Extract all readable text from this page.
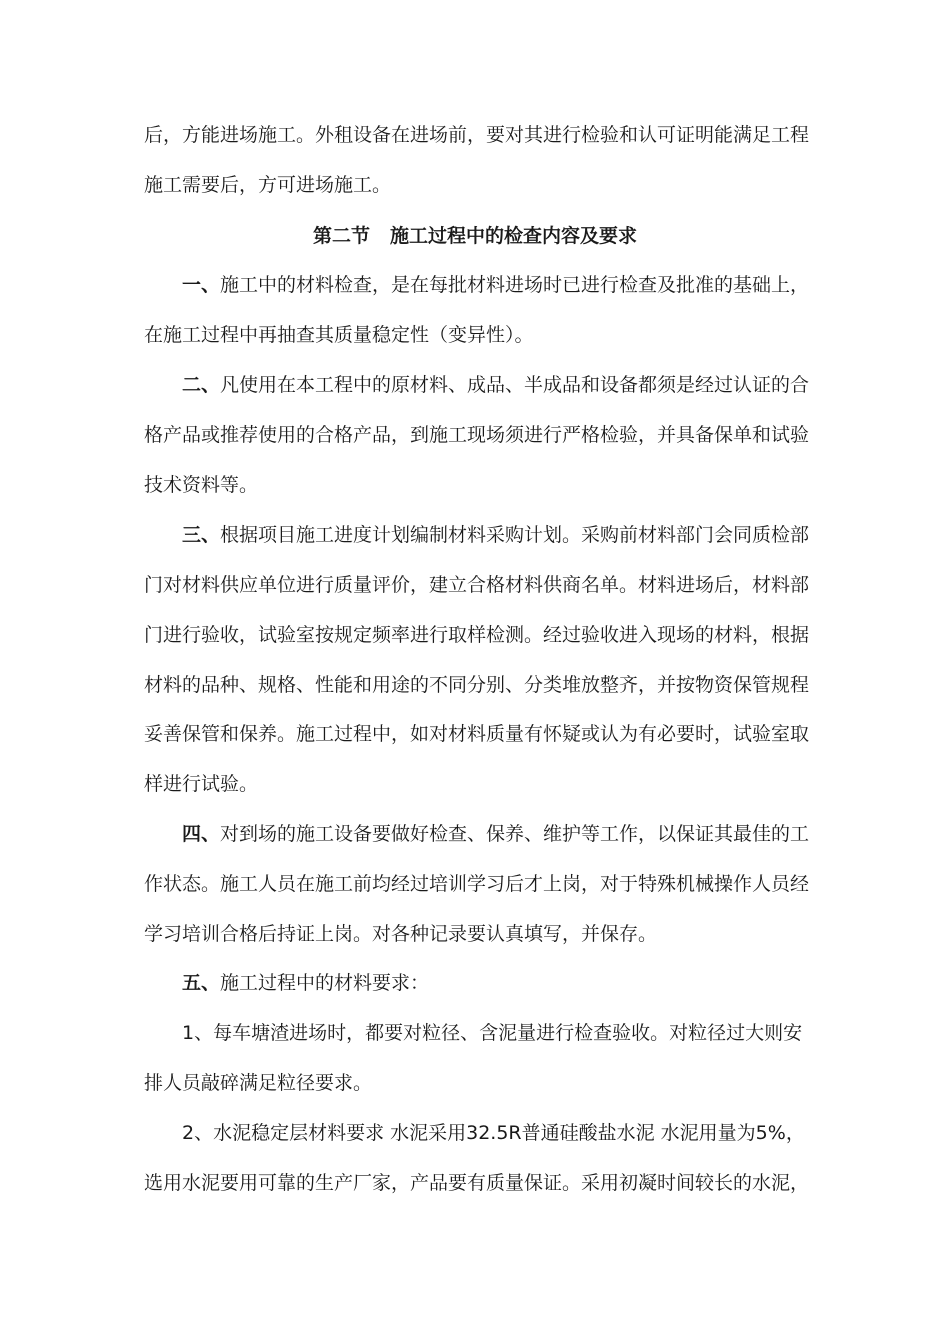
后，方能进场施工。外租设备在进场前，要对其进行检验和认可证明能满足工程
施工需要后，方可进场施工。
第二节 施工过程中的检查内容及要求
一、施工中的材料检查，是在每批材料进场时已进行检查及批准的基础上，
在施工过程中再抽查其质量稳定性（变异性）。
二、凡使用在本工程中的原材料、成品、半成品和设备都须是经过认证的合
格产品或推荐使用的合格产品，到施工现场须进行严格检验，并具备保单和试验
技术资料等。
三、根据项目施工进度计划编制材料采购计划。采购前材料部门会同质检部
门对材料供应单位进行质量评价，建立合格材料供商名单。材料进场后，材料部
门进行验收，试验室按规定频率进行取样检测。经过验收进入现场的材料，根据
材料的品种、规格、性能和用途的不同分别、分类堆放整齐，并按物资保管规程
妥善保管和保养。施工过程中，如对材料质量有怀疑或认为有必要时，试验室取
样进行试验。
四、对到场的施工设备要做好检查、保养、维护等工作，以保证其最佳的工
作状态。施工人员在施工前均经过培训学习后才上岗，对于特殊机械操作人员经
学习培训合格后持证上岗。对各种记录要认真填写，并保存。
五、施工过程中的材料要求：
1、每车塘渣进场时，都要对粒径、含泥量进行检查验收。对粒径过大则安
排人员敲碎满足粒径要求。
2、水泥稳定层材料要求 水泥采用32.5R普通硅酸盐水泥 水泥用量为5%，
选用水泥要用可靠的生产厂家，产品要有质量保证。采用初凝时间较长的水泥，
